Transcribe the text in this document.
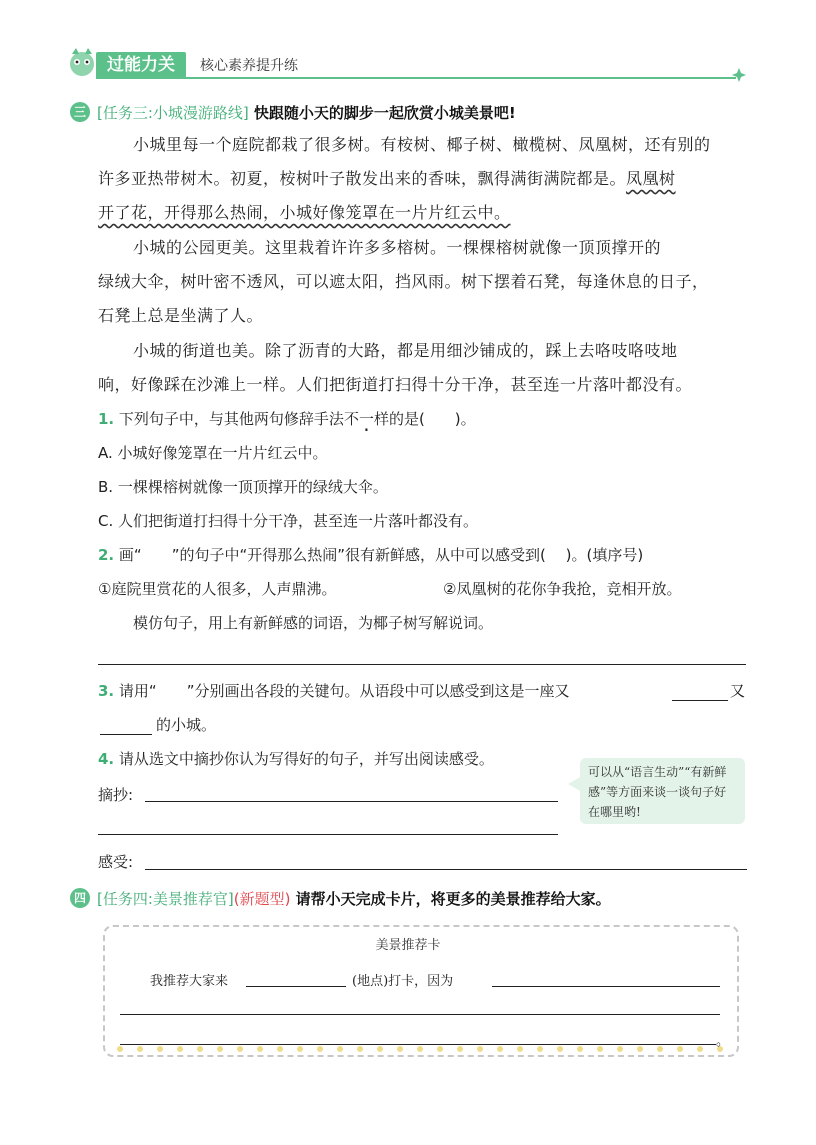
过能力关	核心素养提升练
三 [任务三:小城漫游路线] 快跟随小天的脚步一起欣赏小城美景吧!
小城里每一个庭院都栽了很多树。有桉树、椰子树、橄榄树、凤凰树，还有别的
许多亚热带树木。初夏，桉树叶子散发出来的香味，飘得满街满院都是。凤凰树
开了花，开得那么热闹，小城好像笼罩在一片片红云中。
小城的公园更美。这里栽着许许多多榕树。一棵棵榕树就像一顶顶撑开的
绿绒大伞，树叶密不透风，可以遮太阳，挡风雨。树下摆着石凳，每逢休息的日子，
石凳上总是坐满了人。
小城的街道也美。除了沥青的大路，都是用细沙铺成的，踩上去咯吱咯吱地
响，好像踩在沙滩上一样。人们把街道打扫得十分干净，甚至连一片落叶都没有。
1. 下列句子中，与其他两句修辞手法不一样的是(　　)。
A. 小城好像笼罩在一片片红云中。
B. 一棵棵榕树就像一顶顶撑开的绿绒大伞。
C. 人们把街道打扫得十分干净，甚至连一片落叶都没有。
2. 画“　　”的句子中“开得那么热闹”很有新鲜感，从中可以感受到(　 )。(填序号)
①庭院里赏花的人很多，人声鼎沸。	②凤凰树的花你争我抢，竞相开放。
模仿句子，用上有新鲜感的词语，为椰子树写解说词。
3. 请用“　　”分别画出各段的关键句。从语段中可以感受到这是一座又	又
的小城。
4. 请从选文中摘抄你认为写得好的句子，并写出阅读感受。
摘抄:
感受:
可以从“语言生动”“有新鲜感”等方面来谈一谈句子好在哪里哟!
四 [任务四:美景推荐官](新题型) 请帮小天完成卡片，将更多的美景推荐给大家。
美景推荐卡
我推荐大家来	(地点)打卡，因为
。
